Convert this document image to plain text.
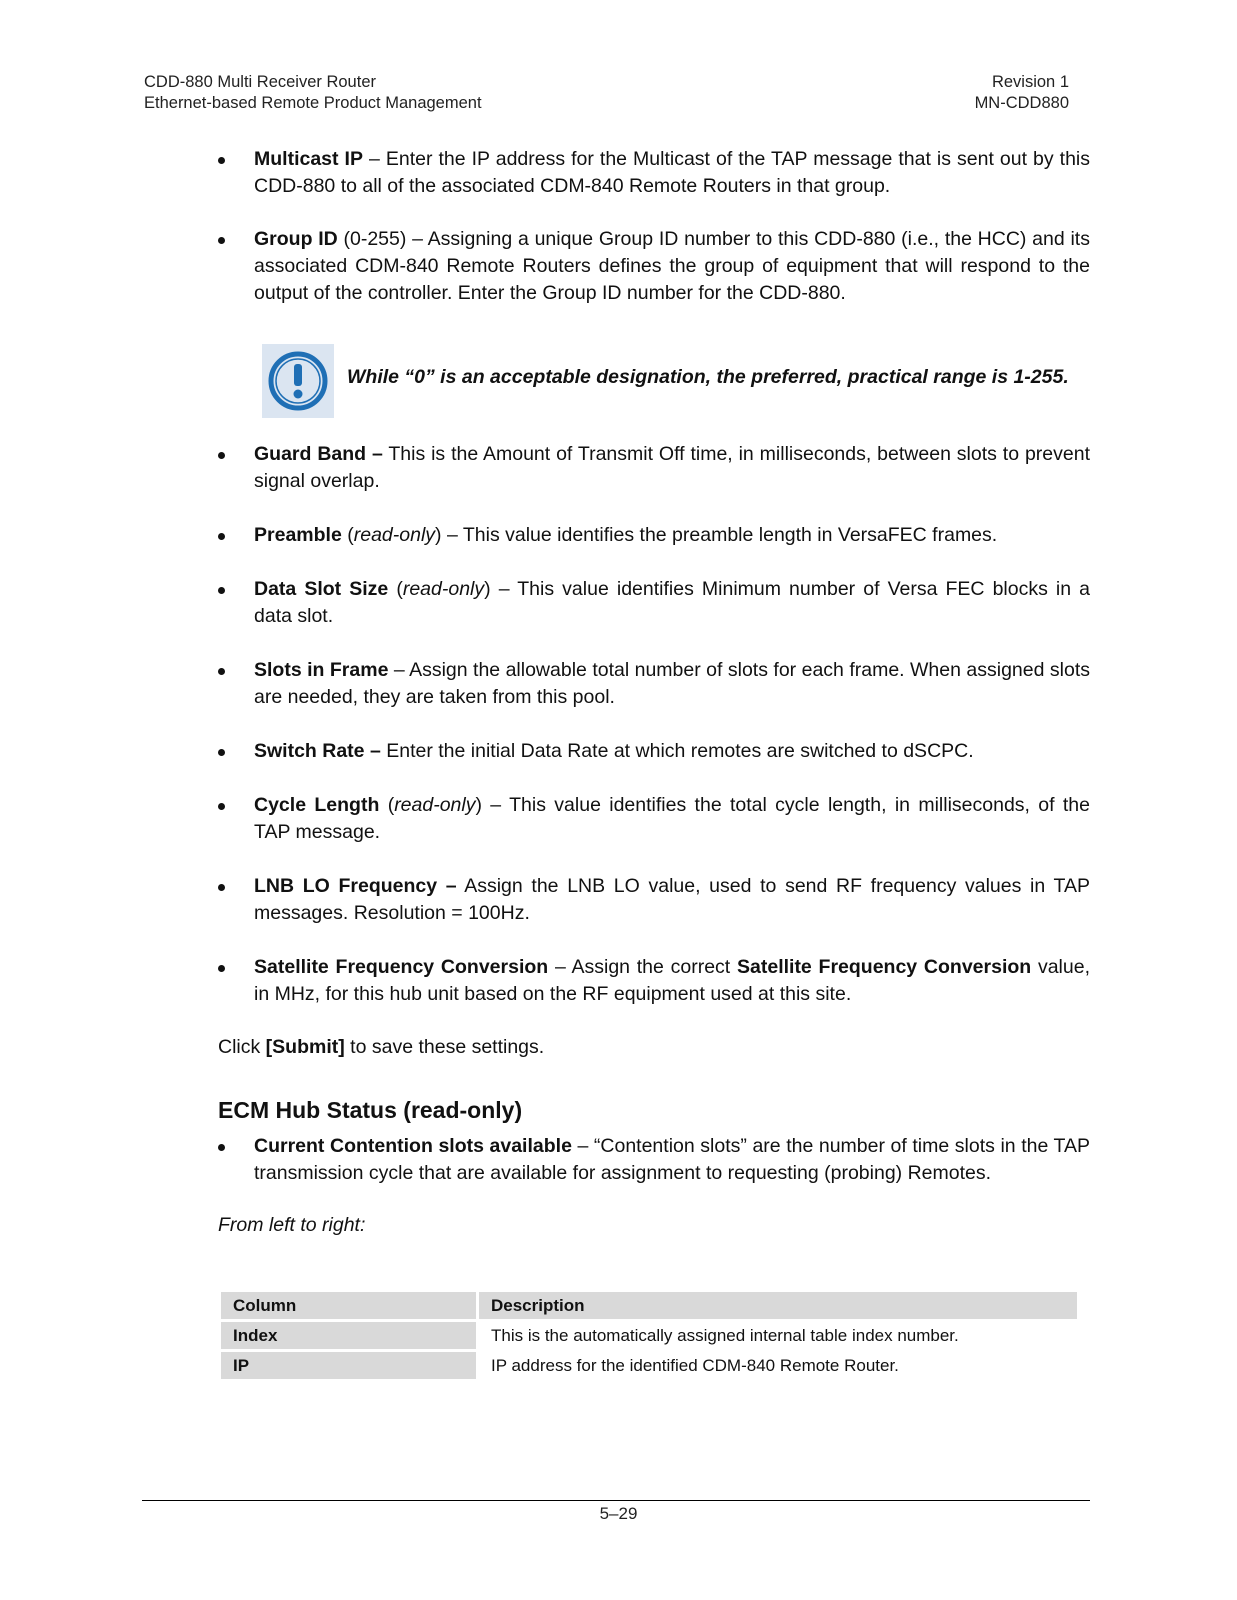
CDD-880 Multi Receiver Router
Ethernet-based Remote Product Management
Revision 1
MN-CDD880
Multicast IP – Enter the IP address for the Multicast of the TAP message that is sent out by this CDD-880 to all of the associated CDM-840 Remote Routers in that group.
Group ID (0-255) – Assigning a unique Group ID number to this CDD-880 (i.e., the HCC) and its associated CDM-840 Remote Routers defines the group of equipment that will respond to the output of the controller. Enter the Group ID number for the CDD-880.
While “0” is an acceptable designation, the preferred, practical range is 1-255.
Guard Band – This is the Amount of Transmit Off time, in milliseconds, between slots to prevent signal overlap.
Preamble (read-only) – This value identifies the preamble length in VersaFEC frames.
Data Slot Size (read-only) – This value identifies Minimum number of Versa FEC blocks in a data slot.
Slots in Frame – Assign the allowable total number of slots for each frame. When assigned slots are needed, they are taken from this pool.
Switch Rate – Enter the initial Data Rate at which remotes are switched to dSCPC.
Cycle Length (read-only) – This value identifies the total cycle length, in milliseconds, of the TAP message.
LNB LO Frequency – Assign the LNB LO value, used to send RF frequency values in TAP messages. Resolution = 100Hz.
Satellite Frequency Conversion – Assign the correct Satellite Frequency Conversion value, in MHz, for this hub unit based on the RF equipment used at this site.
Click [Submit] to save these settings.
ECM Hub Status (read-only)
Current Contention slots available – “Contention slots” are the number of time slots in the TAP transmission cycle that are available for assignment to requesting (probing) Remotes.
From left to right:
Column	Description
Index	This is the automatically assigned internal table index number.
IP	IP address for the identified CDM-840 Remote Router.
5–29
